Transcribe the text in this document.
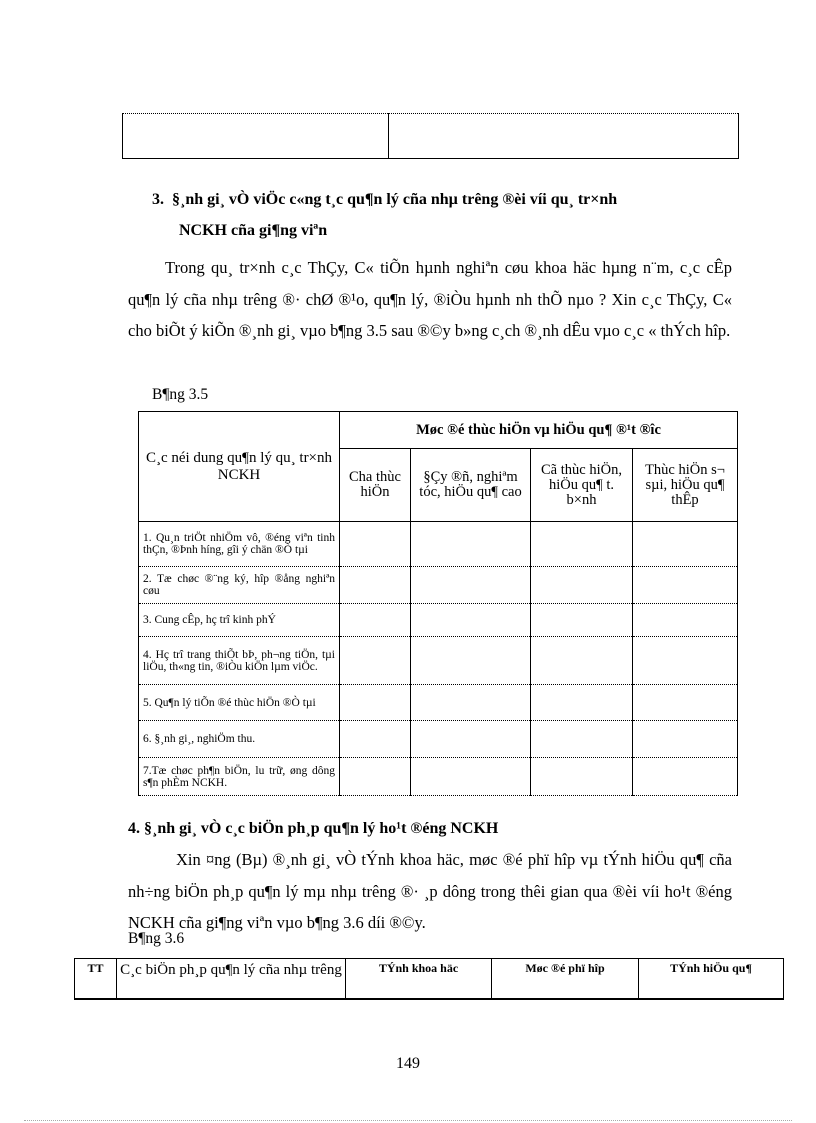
3. §¸nh gi¸ vÒ viÖc c«ng t¸c qu¶n lý cña nhµ trêng ®èi víi qu¸ tr×nh
NCKH cña gi¶ng viªn

Trong qu¸ tr×nh c¸c ThÇy, C« tiÕn hµnh nghiªn cøu khoa häc hµng n¨m, c¸c cÊp qu¶n lý cña nhµ trêng ®· chØ ®¹o, qu¶n lý, ®iÒu hµnh nh thÕ nµo ? Xin c¸c ThÇy, C« cho biÕt ý kiÕn ®¸nh gi¸ vµo b¶ng 3.5 sau ®©y b»ng c¸ch ®¸nh dÊu vµo c¸c « thÝch hîp.

B¶ng 3.5
C¸c néi dung qu¶n lý qu¸ tr×nh NCKH	Møc ®é thùc hiÖn vµ hiÖu qu¶ ®¹t ®îc			
	Cha thùc hiÖn	§Çy ®ñ, nghiªm tóc, hiÖu qu¶ cao	Cã thùc hiÖn, hiÖu qu¶ t. b×nh	Thùc hiÖn s¬ sµi, hiÖu qu¶ thÊp
1. Qu¸n triÖt nhiÖm vô, ®éng viªn tinh thÇn, ®Þnh híng, gîi ý chän ®Ò tµi				
2. Tæ chøc ®¨ng ký, hîp ®ång nghiªn cøu				
3. Cung cÊp, hç trî kinh phÝ				
4. Hç trî trang thiÕt bÞ, ph¬ng tiÖn, tµi liÖu, th«ng tin, ®iÒu kiÖn lµm viÖc.				
5. Qu¶n lý tiÕn ®é thùc hiÖn ®Ò tµi				
6. §¸nh gi¸, nghiÖm thu.				
7.Tæ chøc ph¶n biÖn, lu trữ, øng dông s¶n phÈm NCKH.				

4. §¸nh gi¸ vÒ c¸c biÖn ph¸p qu¶n lý ho¹t ®éng NCKH

Xin ¤ng (Bµ) ®¸nh gi¸ vÒ tÝnh khoa häc, møc ®é phï hîp vµ tÝnh hiÖu qu¶ cña nh÷ng biÖn ph¸p qu¶n lý mµ nhµ trêng ®· ¸p dông trong thêi gian qua ®èi víi ho¹t ®éng NCKH cña gi¶ng viªn vµo b¶ng 3.6 díi ®©y.

B¶ng 3.6
TT	C¸c biÖn ph¸p qu¶n lý cña nhµ trêng	TÝnh khoa häc	Møc ®é phï hîp	TÝnh hiÖu qu¶
149
